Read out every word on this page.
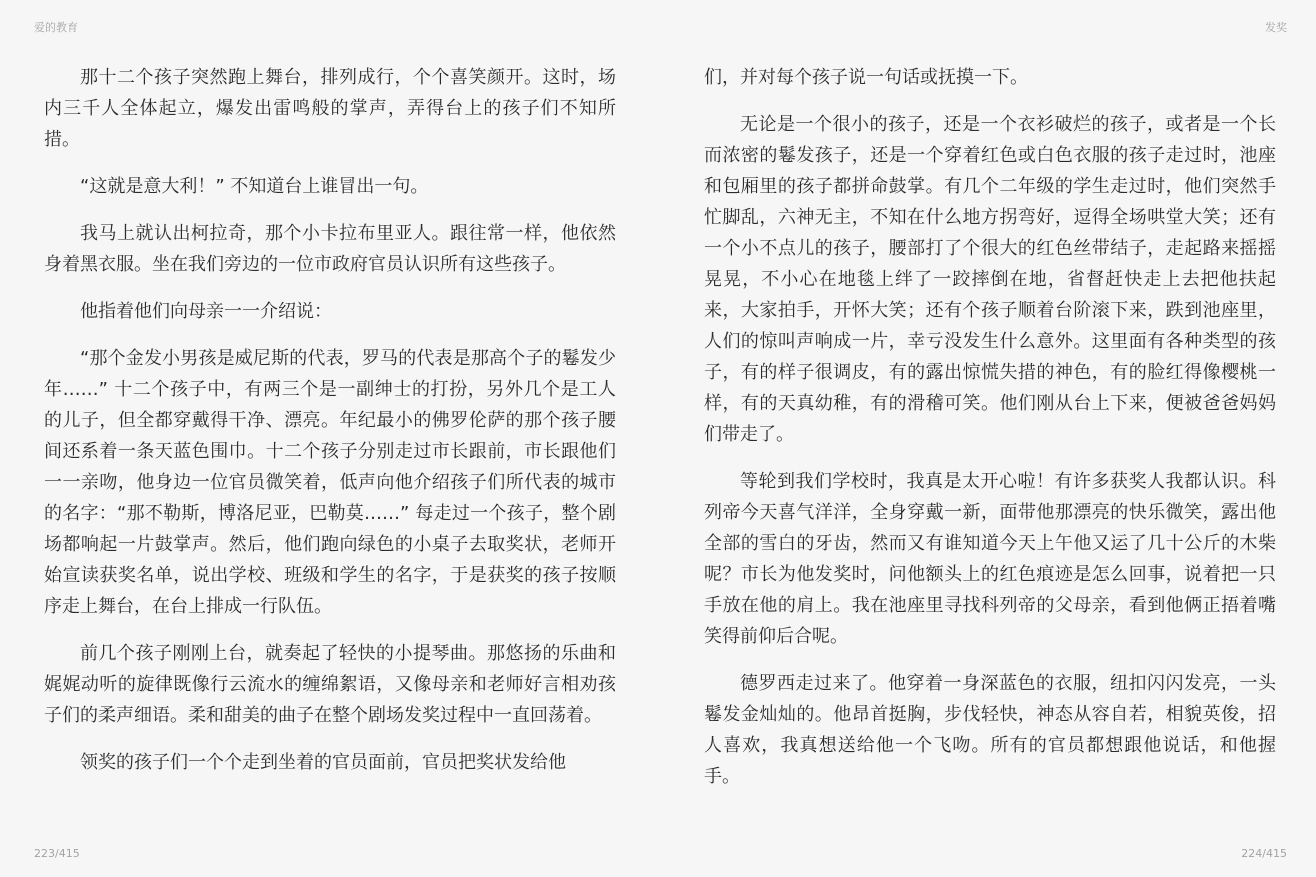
爱的教育	发奖

那十二个孩子突然跑上舞台，排列成行，个个喜笑颜开。这时，场内三千人全体起立，爆发出雷鸣般的掌声，弄得台上的孩子们不知所措。

“这就是意大利！” 不知道台上谁冒出一句。

我马上就认出柯拉奇，那个小卡拉布里亚人。跟往常一样，他依然身着黑衣服。坐在我们旁边的一位市政府官员认识所有这些孩子。

他指着他们向母亲一一介绍说：

“那个金发小男孩是威尼斯的代表，罗马的代表是那高个子的鬈发少年……” 十二个孩子中，有两三个是一副绅士的打扮，另外几个是工人的儿子，但全都穿戴得干净、漂亮。年纪最小的佛罗伦萨的那个孩子腰间还系着一条天蓝色围巾。十二个孩子分别走过市长跟前，市长跟他们一一亲吻，他身边一位官员微笑着，低声向他介绍孩子们所代表的城市的名字：“那不勒斯，博洛尼亚，巴勒莫……” 每走过一个孩子，整个剧场都响起一片鼓掌声。然后，他们跑向绿色的小桌子去取奖状，老师开始宣读获奖名单，说出学校、班级和学生的名字，于是获奖的孩子按顺序走上舞台，在台上排成一行队伍。

前几个孩子刚刚上台，就奏起了轻快的小提琴曲。那悠扬的乐曲和娓娓动听的旋律既像行云流水的缠绵絮语，又像母亲和老师好言相劝孩子们的柔声细语。柔和甜美的曲子在整个剧场发奖过程中一直回荡着。

领奖的孩子们一个个走到坐着的官员面前，官员把奖状发给他

们，并对每个孩子说一句话或抚摸一下。

无论是一个很小的孩子，还是一个衣衫破烂的孩子，或者是一个长而浓密的鬈发孩子，还是一个穿着红色或白色衣服的孩子走过时，池座和包厢里的孩子都拼命鼓掌。有几个二年级的学生走过时，他们突然手忙脚乱，六神无主，不知在什么地方拐弯好，逗得全场哄堂大笑；还有一个小不点儿的孩子，腰部打了个很大的红色丝带结子，走起路来摇摇晃晃，不小心在地毯上绊了一跤摔倒在地，省督赶快走上去把他扶起来，大家拍手，开怀大笑；还有个孩子顺着台阶滚下来，跌到池座里，人们的惊叫声响成一片，幸亏没发生什么意外。这里面有各种类型的孩子，有的样子很调皮，有的露出惊慌失措的神色，有的脸红得像樱桃一样，有的天真幼稚，有的滑稽可笑。他们刚从台上下来，便被爸爸妈妈们带走了。

等轮到我们学校时，我真是太开心啦！有许多获奖人我都认识。科列帝今天喜气洋洋，全身穿戴一新，面带他那漂亮的快乐微笑，露出他全部的雪白的牙齿，然而又有谁知道今天上午他又运了几十公斤的木柴呢？市长为他发奖时，问他额头上的红色痕迹是怎么回事，说着把一只手放在他的肩上。我在池座里寻找科列帝的父母亲，看到他俩正捂着嘴笑得前仰后合呢。

德罗西走过来了。他穿着一身深蓝色的衣服，纽扣闪闪发亮，一头鬈发金灿灿的。他昂首挺胸，步伐轻快，神态从容自若，相貌英俊，招人喜欢，我真想送给他一个飞吻。所有的官员都想跟他说话，和他握手。

223/415	224/415
